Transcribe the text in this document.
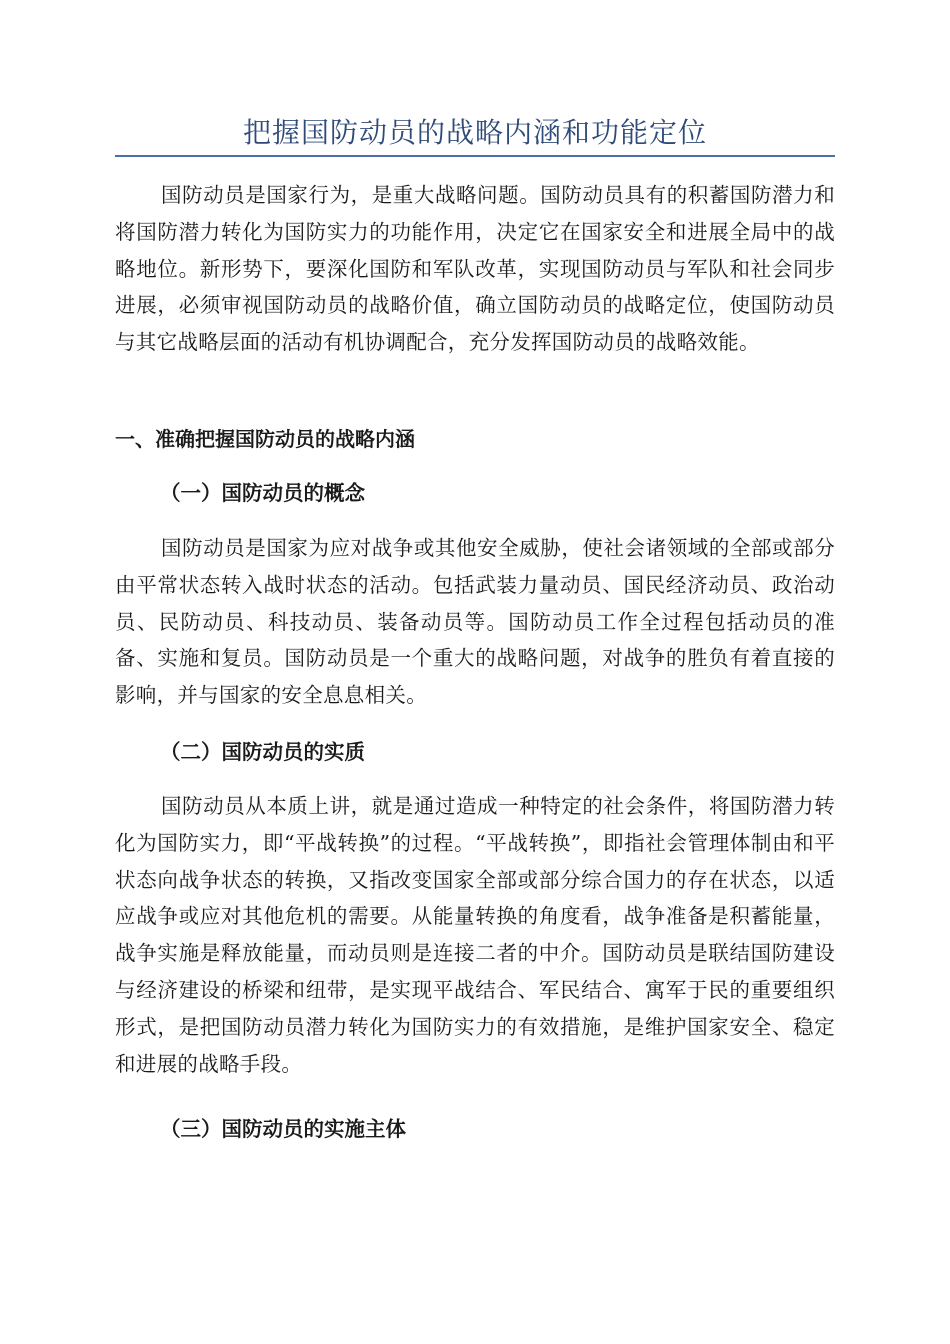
把握国防动员的战略内涵和功能定位

国防动员是国家行为，是重大战略问题。国防动员具有的积蓄国防潜力和将国防潜力转化为国防实力的功能作用，决定它在国家安全和进展全局中的战略地位。新形势下，要深化国防和军队改革，实现国防动员与军队和社会同步进展，必须审视国防动员的战略价值，确立国防动员的战略定位，使国防动员与其它战略层面的活动有机协调配合，充分发挥国防动员的战略效能。

一、准确把握国防动员的战略内涵
（一）国防动员的概念

国防动员是国家为应对战争或其他安全威胁，使社会诸领域的全部或部分由平常状态转入战时状态的活动。包括武装力量动员、国民经济动员、政治动员、民防动员、科技动员、装备动员等。国防动员工作全过程包括动员的准备、实施和复员。国防动员是一个重大的战略问题，对战争的胜负有着直接的影响，并与国家的安全息息相关。

（二）国防动员的实质

国防动员从本质上讲，就是通过造成一种特定的社会条件，将国防潜力转化为国防实力，即“平战转换”的过程。“平战转换”，即指社会管理体制由和平状态向战争状态的转换，又指改变国家全部或部分综合国力的存在状态，以适应战争或应对其他危机的需要。从能量转换的角度看，战争准备是积蓄能量，战争实施是释放能量，而动员则是连接二者的中介。国防动员是联结国防建设与经济建设的桥梁和纽带，是实现平战结合、军民结合、寓军于民的重要组织形式，是把国防动员潜力转化为国防实力的有效措施，是维护国家安全、稳定和进展的战略手段。

（三）国防动员的实施主体
